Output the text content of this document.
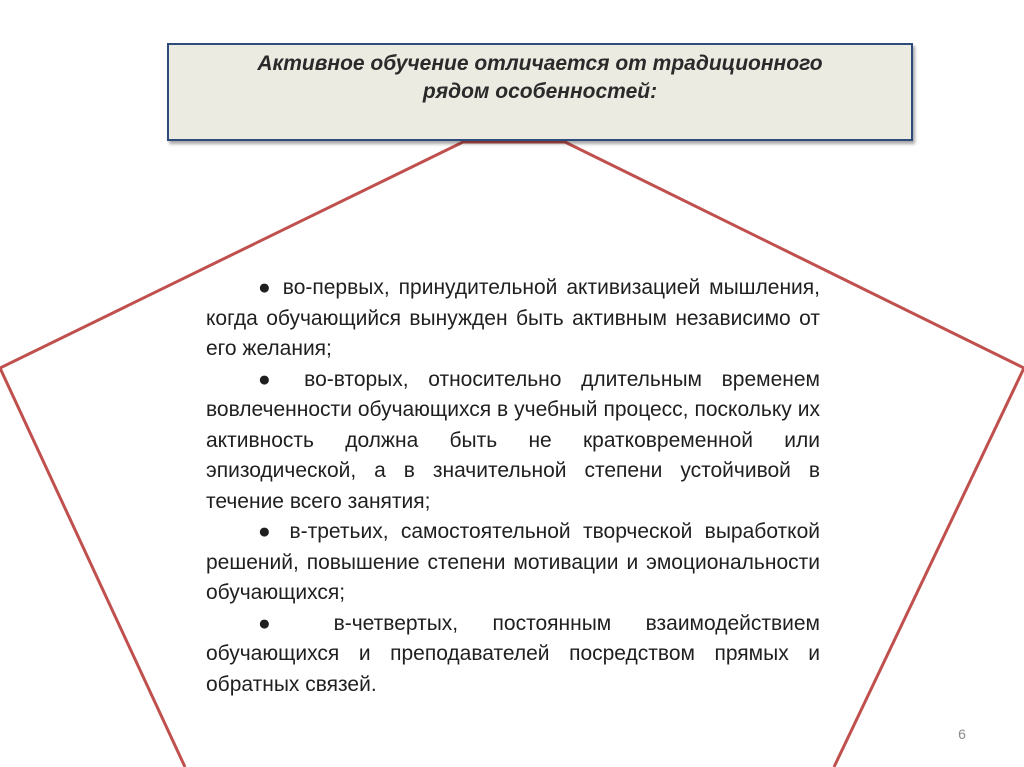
Активное обучение отличается от традиционного
рядом особенностей:

● во-первых, принудительной активизацией мышления, когда обучающийся вынужден быть активным независимо от его желания;

● во-вторых, относительно длительным временем вовлеченности обучающихся в учебный процесс, поскольку их активность должна быть не кратковременной или эпизодической, а в значительной степени устойчивой в течение всего занятия;

● в-третьих, самостоятельной творческой выработкой решений, повышение степени мотивации и эмоциональности обучающихся;

● в-четвертых, постоянным взаимодействием обучающихся и преподавателей посредством прямых и обратных связей.

6
